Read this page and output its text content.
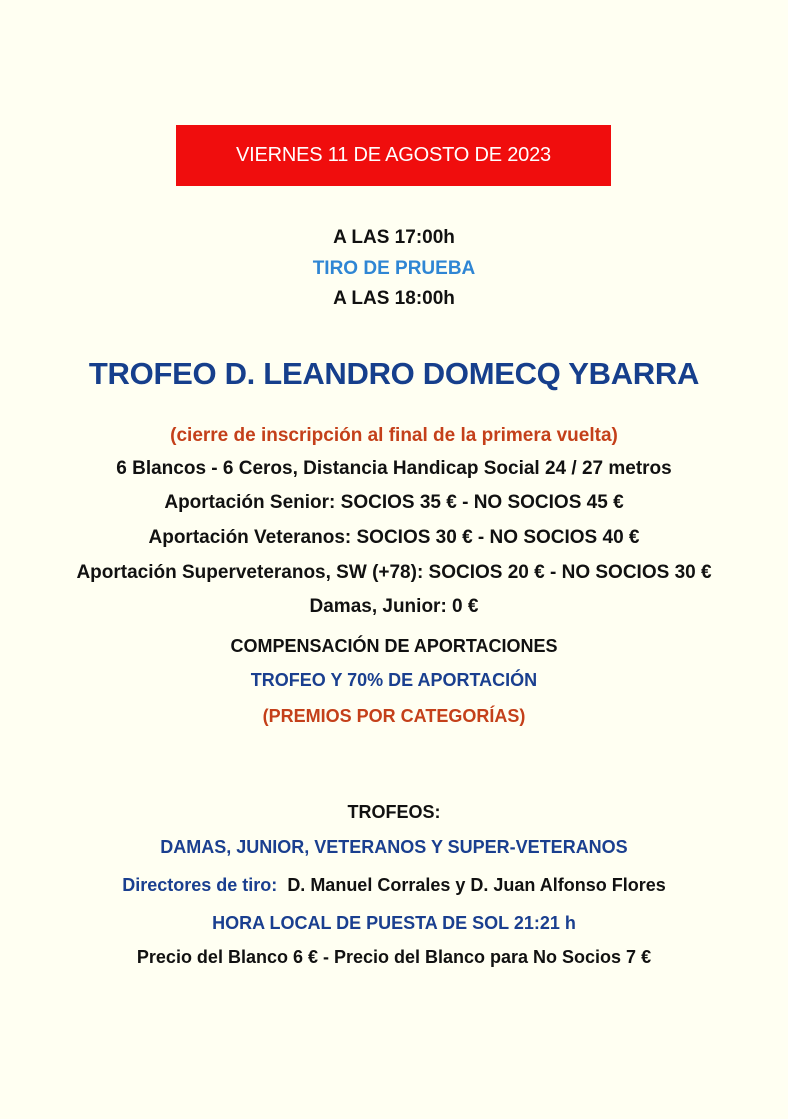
VIERNES 11 DE AGOSTO DE 2023
A LAS 17:00h
TIRO DE PRUEBA
A LAS 18:00h
TROFEO D. LEANDRO DOMECQ YBARRA
(cierre de inscripción al final de la primera vuelta)
6 Blancos - 6 Ceros, Distancia Handicap Social 24 / 27 metros
Aportación Senior: SOCIOS 35 € - NO SOCIOS 45 €
Aportación Veteranos: SOCIOS 30 € - NO SOCIOS 40 €
Aportación Superveteranos, SW (+78): SOCIOS 20 € - NO SOCIOS 30 €
Damas, Junior: 0 €
COMPENSACIÓN DE APORTACIONES
TROFEO Y 70% DE APORTACIÓN
(PREMIOS POR CATEGORÍAS)
TROFEOS:
DAMAS, JUNIOR, VETERANOS Y SUPER-VETERANOS
Directores de tiro: D. Manuel Corrales y D. Juan Alfonso Flores
HORA LOCAL DE PUESTA DE SOL 21:21 h
Precio del Blanco 6 € - Precio del Blanco para No Socios 7 €
